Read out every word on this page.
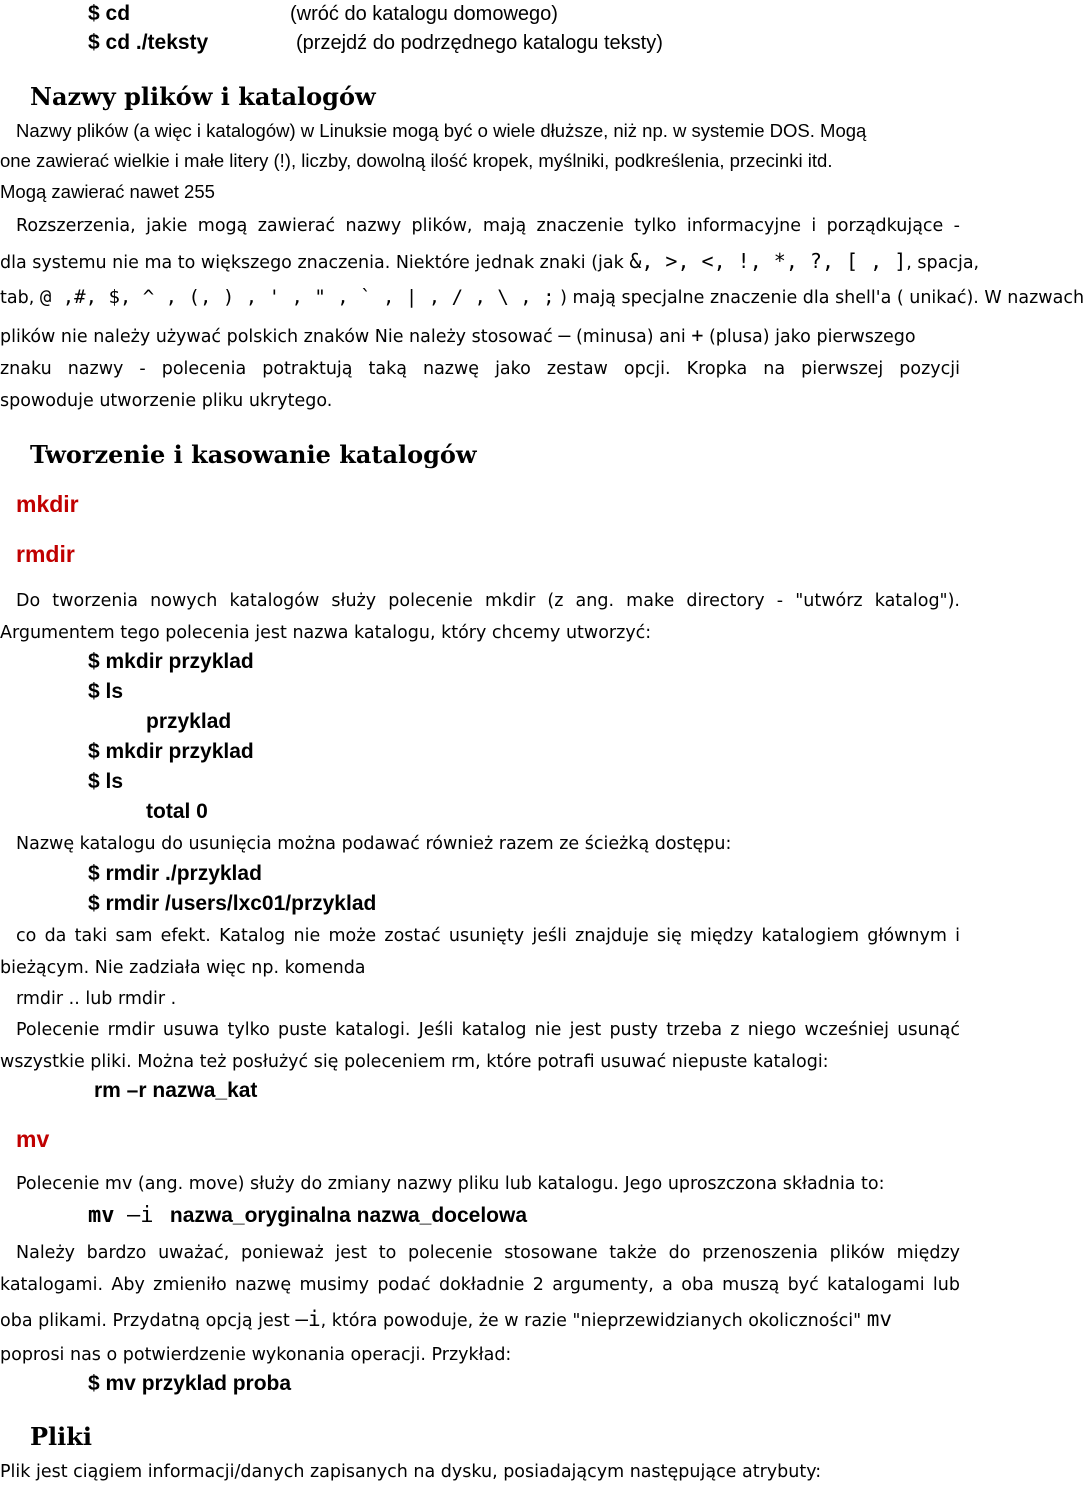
$ cd	(wróć do katalogu domowego)
$ cd ./teksty	(przejdź do podrzędnego katalogu teksty)
Nazwy plików i katalogów
Nazwy plików (a więc i katalogów) w Linuksie mogą być o wiele dłuższe, niż np. w systemie DOS. Mogą
one zawierać wielkie i małe litery (!), liczby, dowolną ilość kropek, myślniki, podkreślenia, przecinki itd.
Mogą zawierać nawet 255
Rozszerzenia, jakie mogą zawierać nazwy plików, mają znaczenie tylko informacyjne i porządkujące -
dla systemu nie ma to większego znaczenia. Niektóre jednak znaki (jak &, >, <, !, *, ?, [ , ], spacja,
tab, @ ,#, $, ^ , (, ) , ' , " , ` , | , / , \ , ; ) mają specjalne znaczenie dla shell'a ( unikać). W nazwach
plików nie należy używać polskich znaków Nie należy stosować — (minusa) ani + (plusa) jako pierwszego
znaku nazwy - polecenia potraktują taką nazwę jako zestaw opcji. Kropka na pierwszej pozycji
spowoduje utworzenie pliku ukrytego.
Tworzenie i kasowanie katalogów
mkdir
rmdir
Do tworzenia nowych katalogów służy polecenie mkdir (z ang. make directory - "utwórz katalog").
Argumentem tego polecenia jest nazwa katalogu, który chcemy utworzyć:
$ mkdir przyklad
$ ls
przyklad
$ mkdir przyklad
$ ls
total 0
Nazwę katalogu do usunięcia można podawać również razem ze ścieżką dostępu:
$ rmdir ./przyklad
$ rmdir /users/lxc01/przyklad
co da taki sam efekt. Katalog nie może zostać usunięty jeśli znajduje się między katalogiem głównym i
bieżącym. Nie zadziała więc np. komenda
rmdir .. lub rmdir .
Polecenie rmdir usuwa tylko puste katalogi. Jeśli katalog nie jest pusty trzeba z niego wcześniej usunąć
wszystkie pliki. Można też posłużyć się poleceniem rm, które potrafi usuwać niepuste katalogi:
rm –r nazwa_kat
mv
Polecenie mv (ang. move) służy do zmiany nazwy pliku lub katalogu. Jego uproszczona składnia to:
mv —i nazwa_oryginalna nazwa_docelowa
Należy bardzo uważać, ponieważ jest to polecenie stosowane także do przenoszenia plików między
katalogami. Aby zmieniło nazwę musimy podać dokładnie 2 argumenty, a oba muszą być katalogami lub
oba plikami. Przydatną opcją jest —i, która powoduje, że w razie "nieprzewidzianych okoliczności" mv
poprosi nas o potwierdzenie wykonania operacji. Przykład:
$ mv przyklad proba
Pliki
Plik jest ciągiem informacji/danych zapisanych na dysku, posiadającym następujące atrybuty:
